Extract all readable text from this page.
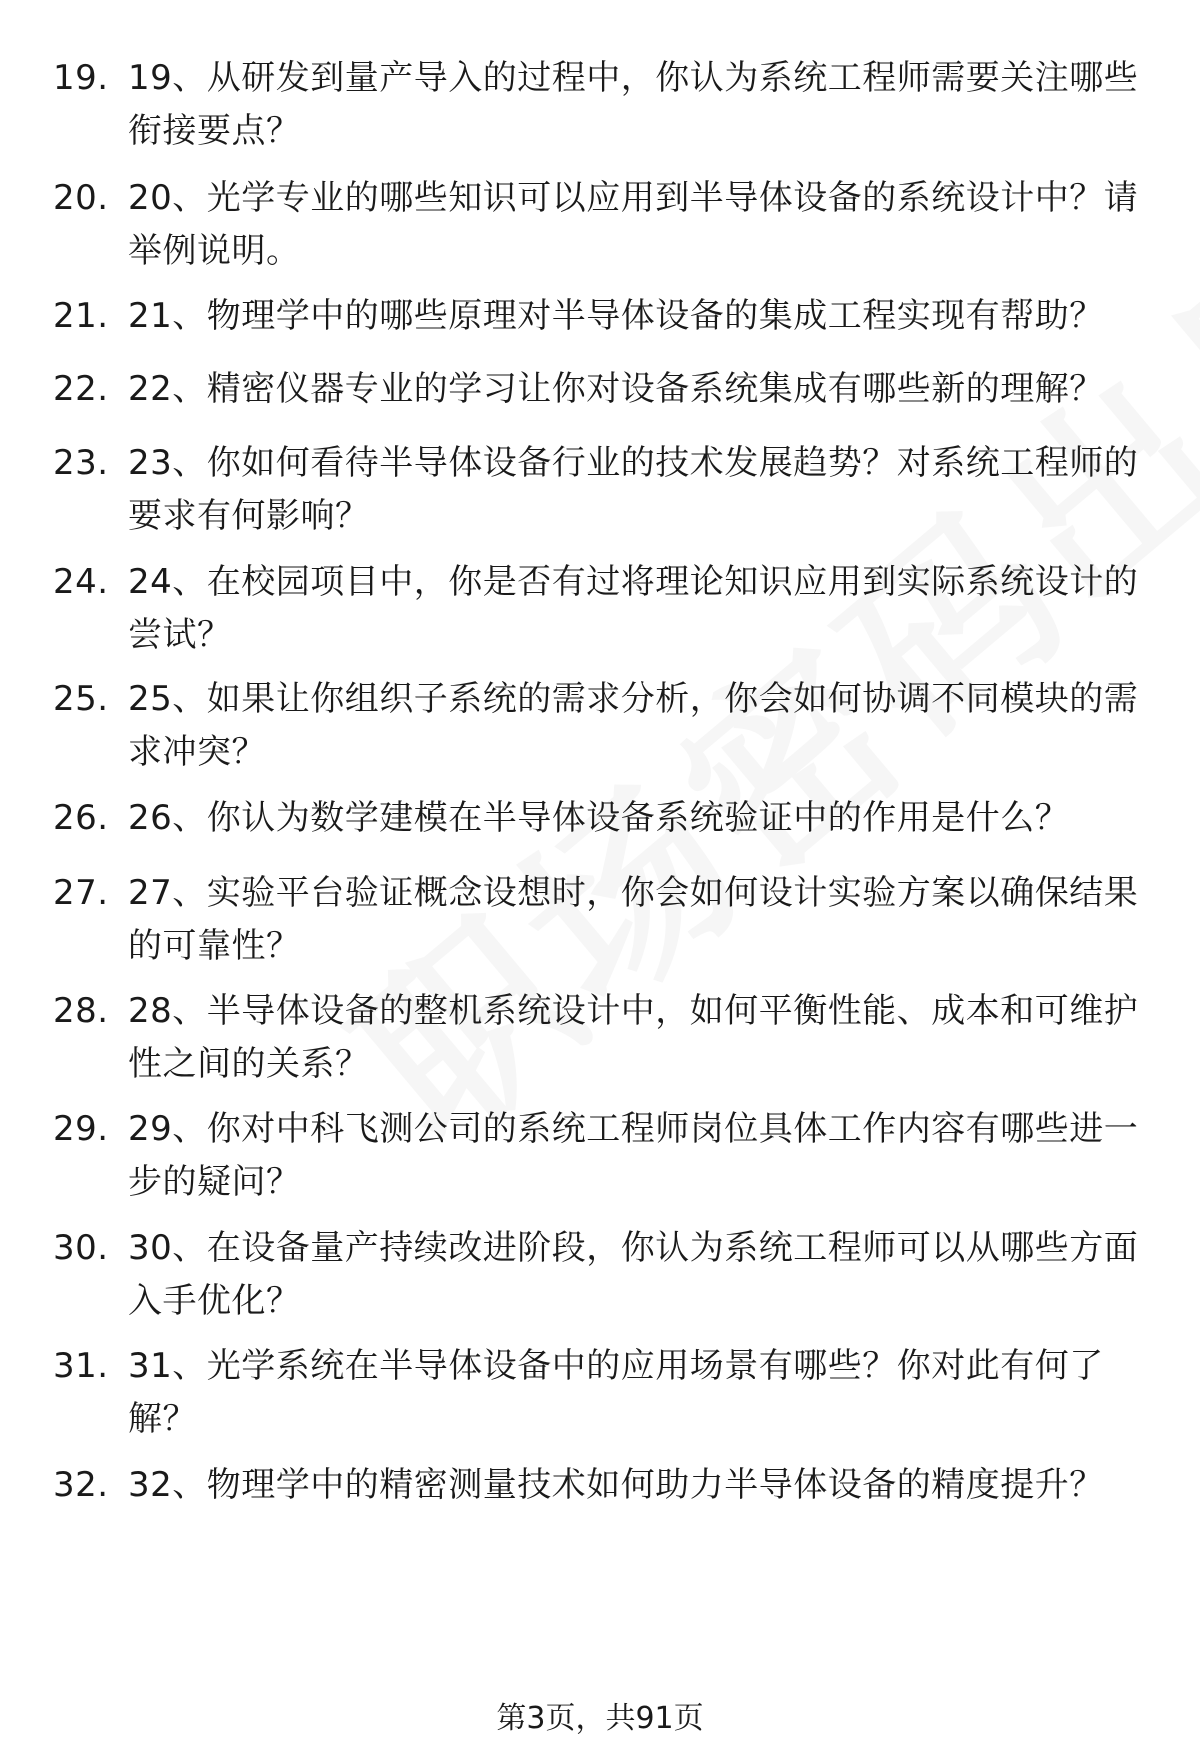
19. 19、从研发到量产导入的过程中，你认为系统工程师需要关注哪些衔接要点？
20. 20、光学专业的哪些知识可以应用到半导体设备的系统设计中？请举例说明。
21. 21、物理学中的哪些原理对半导体设备的集成工程实现有帮助？
22. 22、精密仪器专业的学习让你对设备系统集成有哪些新的理解？
23. 23、你如何看待半导体设备行业的技术发展趋势？对系统工程师的要求有何影响？
24. 24、在校园项目中，你是否有过将理论知识应用到实际系统设计的尝试？
25. 25、如果让你组织子系统的需求分析，你会如何协调不同模块的需求冲突？
26. 26、你认为数学建模在半导体设备系统验证中的作用是什么？
27. 27、实验平台验证概念设想时，你会如何设计实验方案以确保结果的可靠性？
28. 28、半导体设备的整机系统设计中，如何平衡性能、成本和可维护性之间的关系？
29. 29、你对中科飞测公司的系统工程师岗位具体工作内容有哪些进一步的疑问？
30. 30、在设备量产持续改进阶段，你认为系统工程师可以从哪些方面入手优化？
31. 31、光学系统在半导体设备中的应用场景有哪些？你对此有何了解？
32. 32、物理学中的精密测量技术如何助力半导体设备的精度提升？
第3页，共91页
